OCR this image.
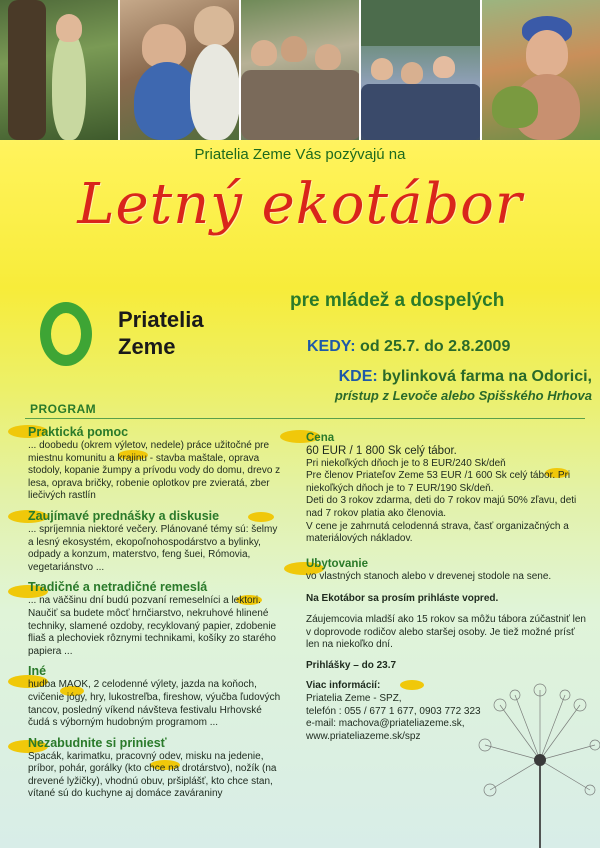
Priatelia Zeme Vás pozývajú na
Letný ekotábor
Priatelia
Zeme
pre mládež a dospelých
KEDY: od 25.7. do 2.8.2009
KDE: bylinková farma na Odorici,
prístup z Levoče alebo Spišského Hrhova
PROGRAM
Praktická pomoc
... doobedu (okrem výletov, nedele) práce užitočné pre miestnu komunitu a krajinu - stavba maštale, oprava stodoly, kopanie žumpy a prívodu vody do domu, drevo z lesa, oprava bričky, robenie oplotkov pre zvieratá, zber liečivých rastlín
Zaujímavé prednášky a diskusie
... spríjemnia niektoré večery. Plánované témy sú: šelmy a lesný ekosystém, ekopoľnohospodárstvo a bylinky, odpady a konzum, materstvo, feng šuei, Rómovia, vegetariánstvo ...
Tradičné a netradičné remeslá
... na väčšinu dní budú pozvaní remeselníci a lektori. Naučiť sa budete môcť hrnčiarstvo, nekruhové hlinené techniky, slamené ozdoby, recyklovaný papier, zdobenie fliaš a plechoviek rôznymi technikami, košíky zo starého papiera ...
Iné
hudba MAOK, 2 celodenné výlety, jazda na koňoch, cvičenie jógy, hry, lukostreľba, fireshow, výučba ľudových tancov, posledný víkend návšteva festivalu Hrhovské čudá s výborným hudobným programom ...
Nezabudnite si priniesť
Spacák, karimatku, pracovný odev, misku na jedenie, príbor, pohár, gorálky (kto chce na drotárstvo), nožík (na drevené lyžičky), vhodnú obuv, pršiplášť, kto chce stan, vítané sú do kuchyne aj domáce zaváraniny
Cena
60 EUR / 1 800 Sk celý tábor.
Pri niekoľkých dňoch je to 8 EUR/240 Sk/deň
Pre členov Priateľov Zeme 53 EUR /1 600 Sk celý tábor. Pri niekoľkých dňoch je to 7 EUR/190 Sk/deň.
Deti do 3 rokov zdarma, deti do 7 rokov majú 50% zľavu, deti nad 7 rokov platia ako členovia.
V cene je zahrnutá celodenná strava, časť organizačných a materiálových nákladov.
Ubytovanie
vo vlastných stanoch alebo v drevenej stodole na sene.
Na Ekotábor sa prosím prihláste vopred.
Záujemcovia mladší ako 15 rokov sa môžu tábora zúčastniť len v doprovode rodičov alebo staršej osoby. Je tiež možné prísť len na niekoľko dní.
Prihlášky – do 23.7
Viac informácií:
Priatelia Zeme - SPZ,
telefón : 055 / 677 1 677, 0903 772 323
e-mail: machova@priateliazeme.sk,
www.priateliazeme.sk/spz
